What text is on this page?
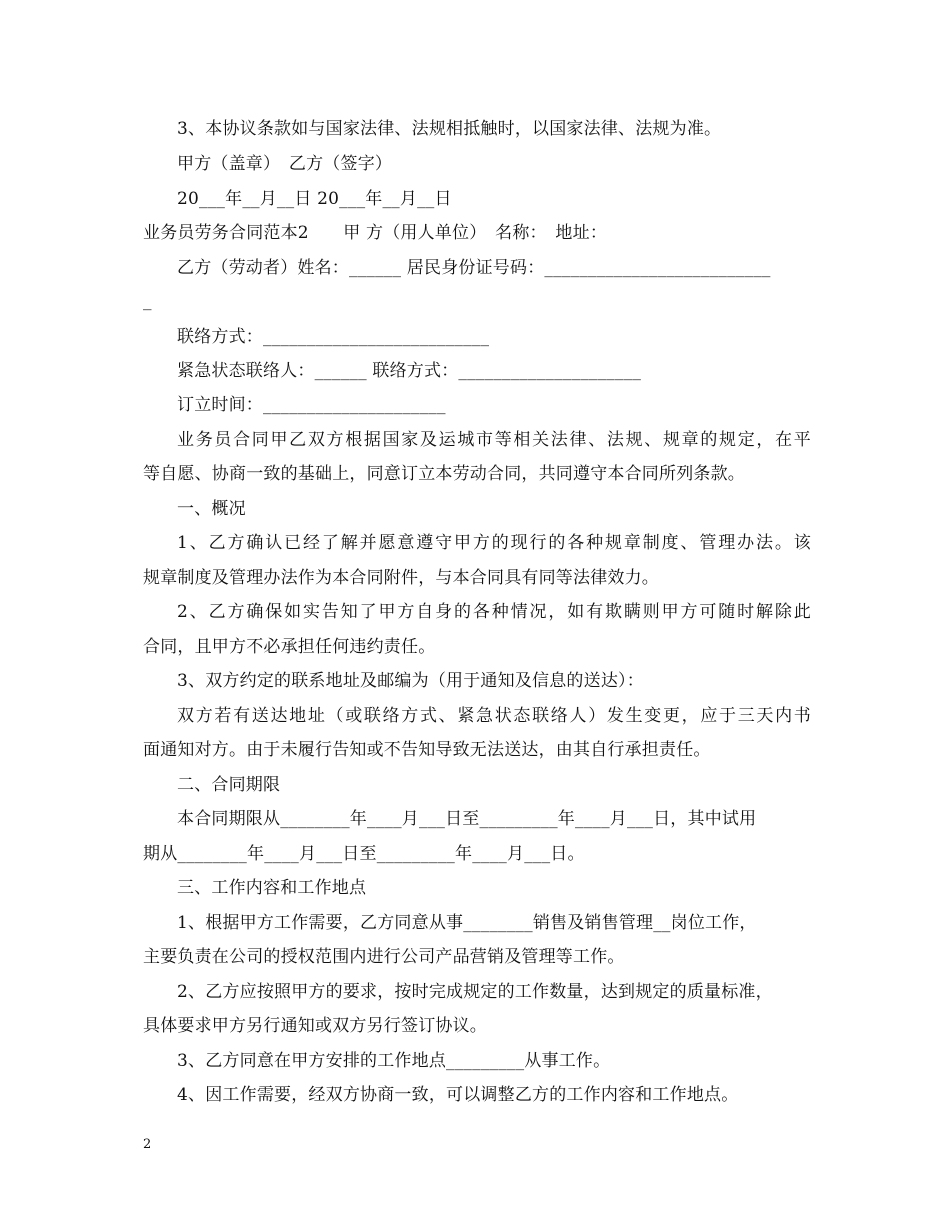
3、本协议条款如与国家法律、法规相抵触时，以国家法律、法规为准。
甲方（盖章）　乙方（签字）
20___年__月__日 20___年__月__日
业务员劳务合同范本2　　甲 方（用人单位）　名称：　地址：
乙方（劳动者）姓名：______ 居民身份证号码：__________________________
_
联络方式：__________________________
紧急状态联络人：______ 联络方式：_____________________
订立时间：_____________________
业务员合同甲乙双方根据国家及运城市等相关法律、法规、规章的规定，在平
等自愿、协商一致的基础上，同意订立本劳动合同，共同遵守本合同所列条款。
一、概况
1、乙方确认已经了解并愿意遵守甲方的现行的各种规章制度、管理办法。该
规章制度及管理办法作为本合同附件，与本合同具有同等法律效力。
2、乙方确保如实告知了甲方自身的各种情况，如有欺瞒则甲方可随时解除此
合同，且甲方不必承担任何违约责任。
3、双方约定的联系地址及邮编为（用于通知及信息的送达）：
双方若有送达地址（或联络方式、紧急状态联络人）发生变更，应于三天内书
面通知对方。由于未履行告知或不告知导致无法送达，由其自行承担责任。
二、合同期限
本合同期限从________年____月___日至_________年____月___日，其中试用
期从________年____月___日至_________年____月___日。
三、工作内容和工作地点
1、根据甲方工作需要，乙方同意从事________销售及销售管理__岗位工作，
主要负责在公司的授权范围内进行公司产品营销及管理等工作。
2、乙方应按照甲方的要求，按时完成规定的工作数量，达到规定的质量标准，
具体要求甲方另行通知或双方另行签订协议。
3、乙方同意在甲方安排的工作地点_________从事工作。
4、因工作需要，经双方协商一致，可以调整乙方的工作内容和工作地点。
2
